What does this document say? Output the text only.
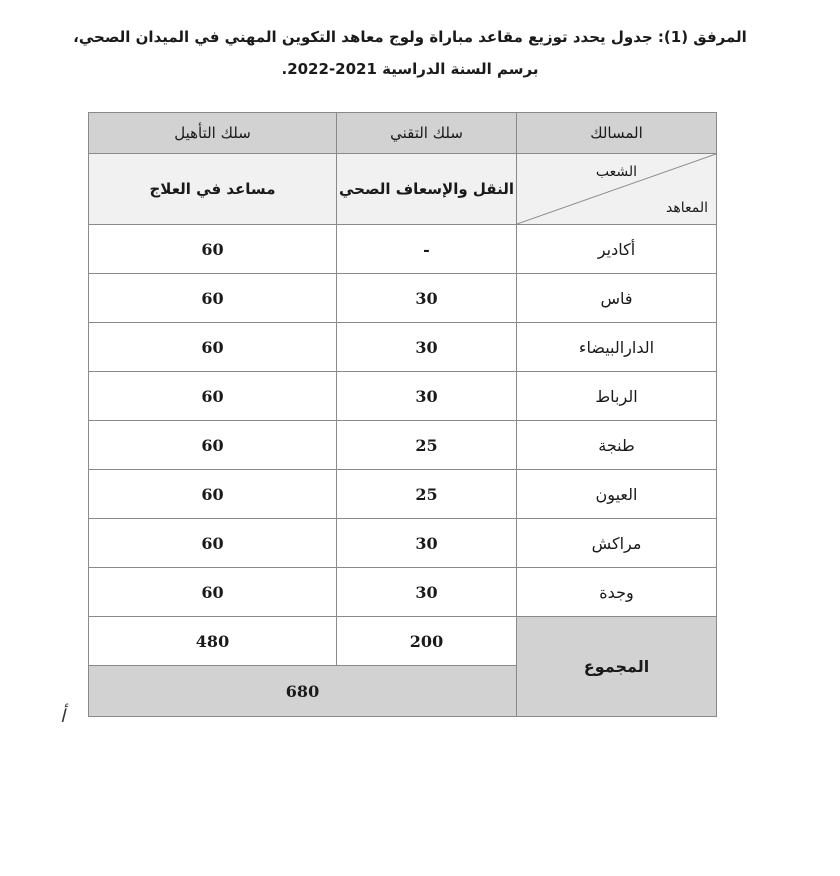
المرفق (1): جدول يحدد توزيع مقاعد مباراة ولوج معاهد التكوين المهني في الميدان الصحي،
برسم السنة الدراسية 2021-2022.
المسالك	سلك التقني	سلك التأهيل

الشعب
المعاهد	النقل والإسعاف الصحي	مساعد في العلاج
أكادير	-	60
فاس	30	60
الدارالبيضاء	30	60
الرباط	30	60
طنجة	25	60
العيون	25	60
مراكش	30	60
وجدة	30	60
المجموع	200	480
	680	
ﺃ
